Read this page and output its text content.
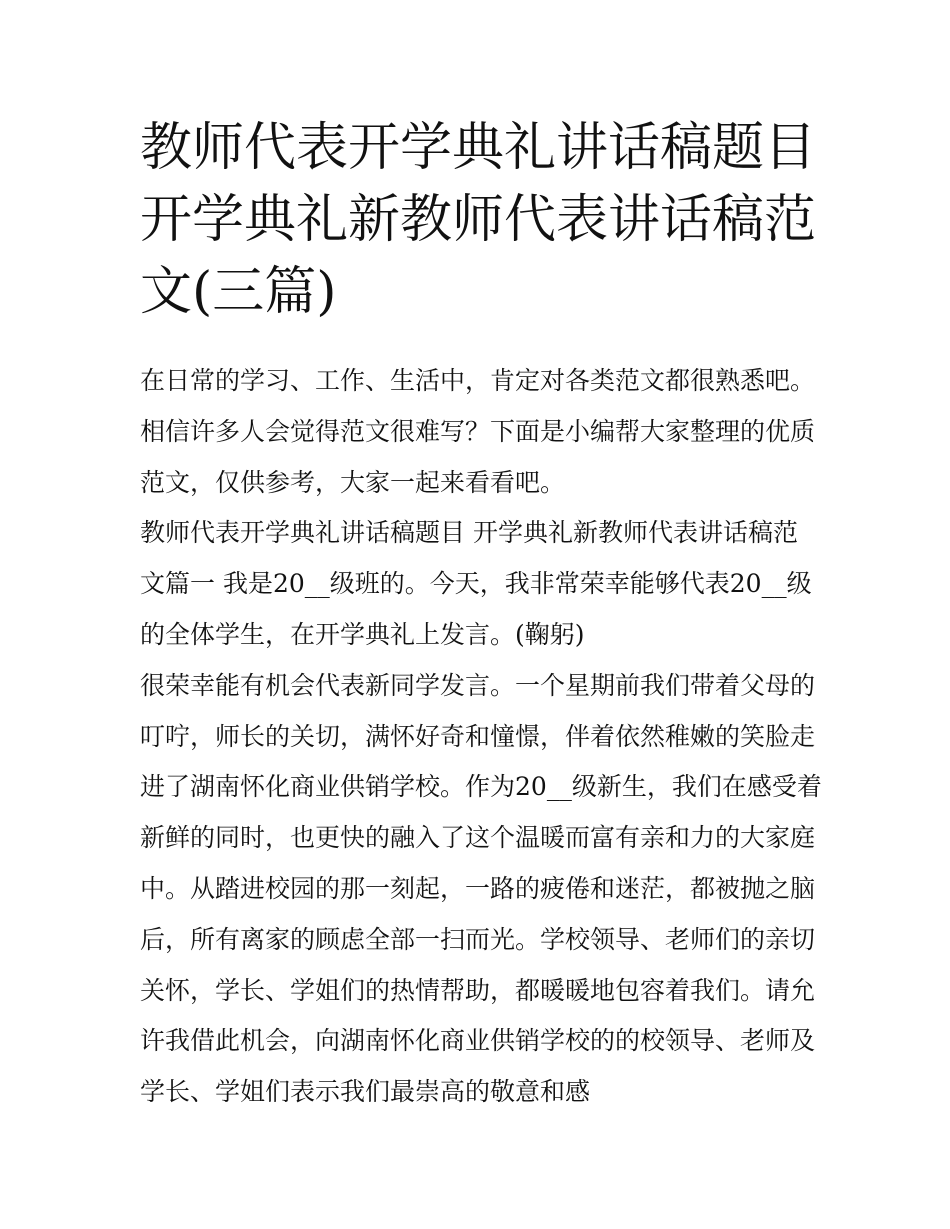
教师代表开学典礼讲话稿题目
开学典礼新教师代表讲话稿范
文(三篇)
在日常的学习、工作、生活中，肯定对各类范文都很熟悉吧。
相信许多人会觉得范文很难写？下面是小编帮大家整理的优质
范文，仅供参考，大家一起来看看吧。
教师代表开学典礼讲话稿题目 开学典礼新教师代表讲话稿范
文篇一 我是20__级班的。今天，我非常荣幸能够代表20__级
的全体学生，在开学典礼上发言。(鞠躬)
很荣幸能有机会代表新同学发言。一个星期前我们带着父母的
叮咛，师长的关切，满怀好奇和憧憬，伴着依然稚嫩的笑脸走
进了湖南怀化商业供销学校。作为20__级新生，我们在感受着
新鲜的同时，也更快的融入了这个温暖而富有亲和力的大家庭
中。从踏进校园的那一刻起，一路的疲倦和迷茫，都被抛之脑
后，所有离家的顾虑全部一扫而光。学校领导、老师们的亲切
关怀，学长、学姐们的热情帮助，都暖暖地包容着我们。请允
许我借此机会，向湖南怀化商业供销学校的的校领导、老师及
学长、学姐们表示我们最崇高的敬意和感
